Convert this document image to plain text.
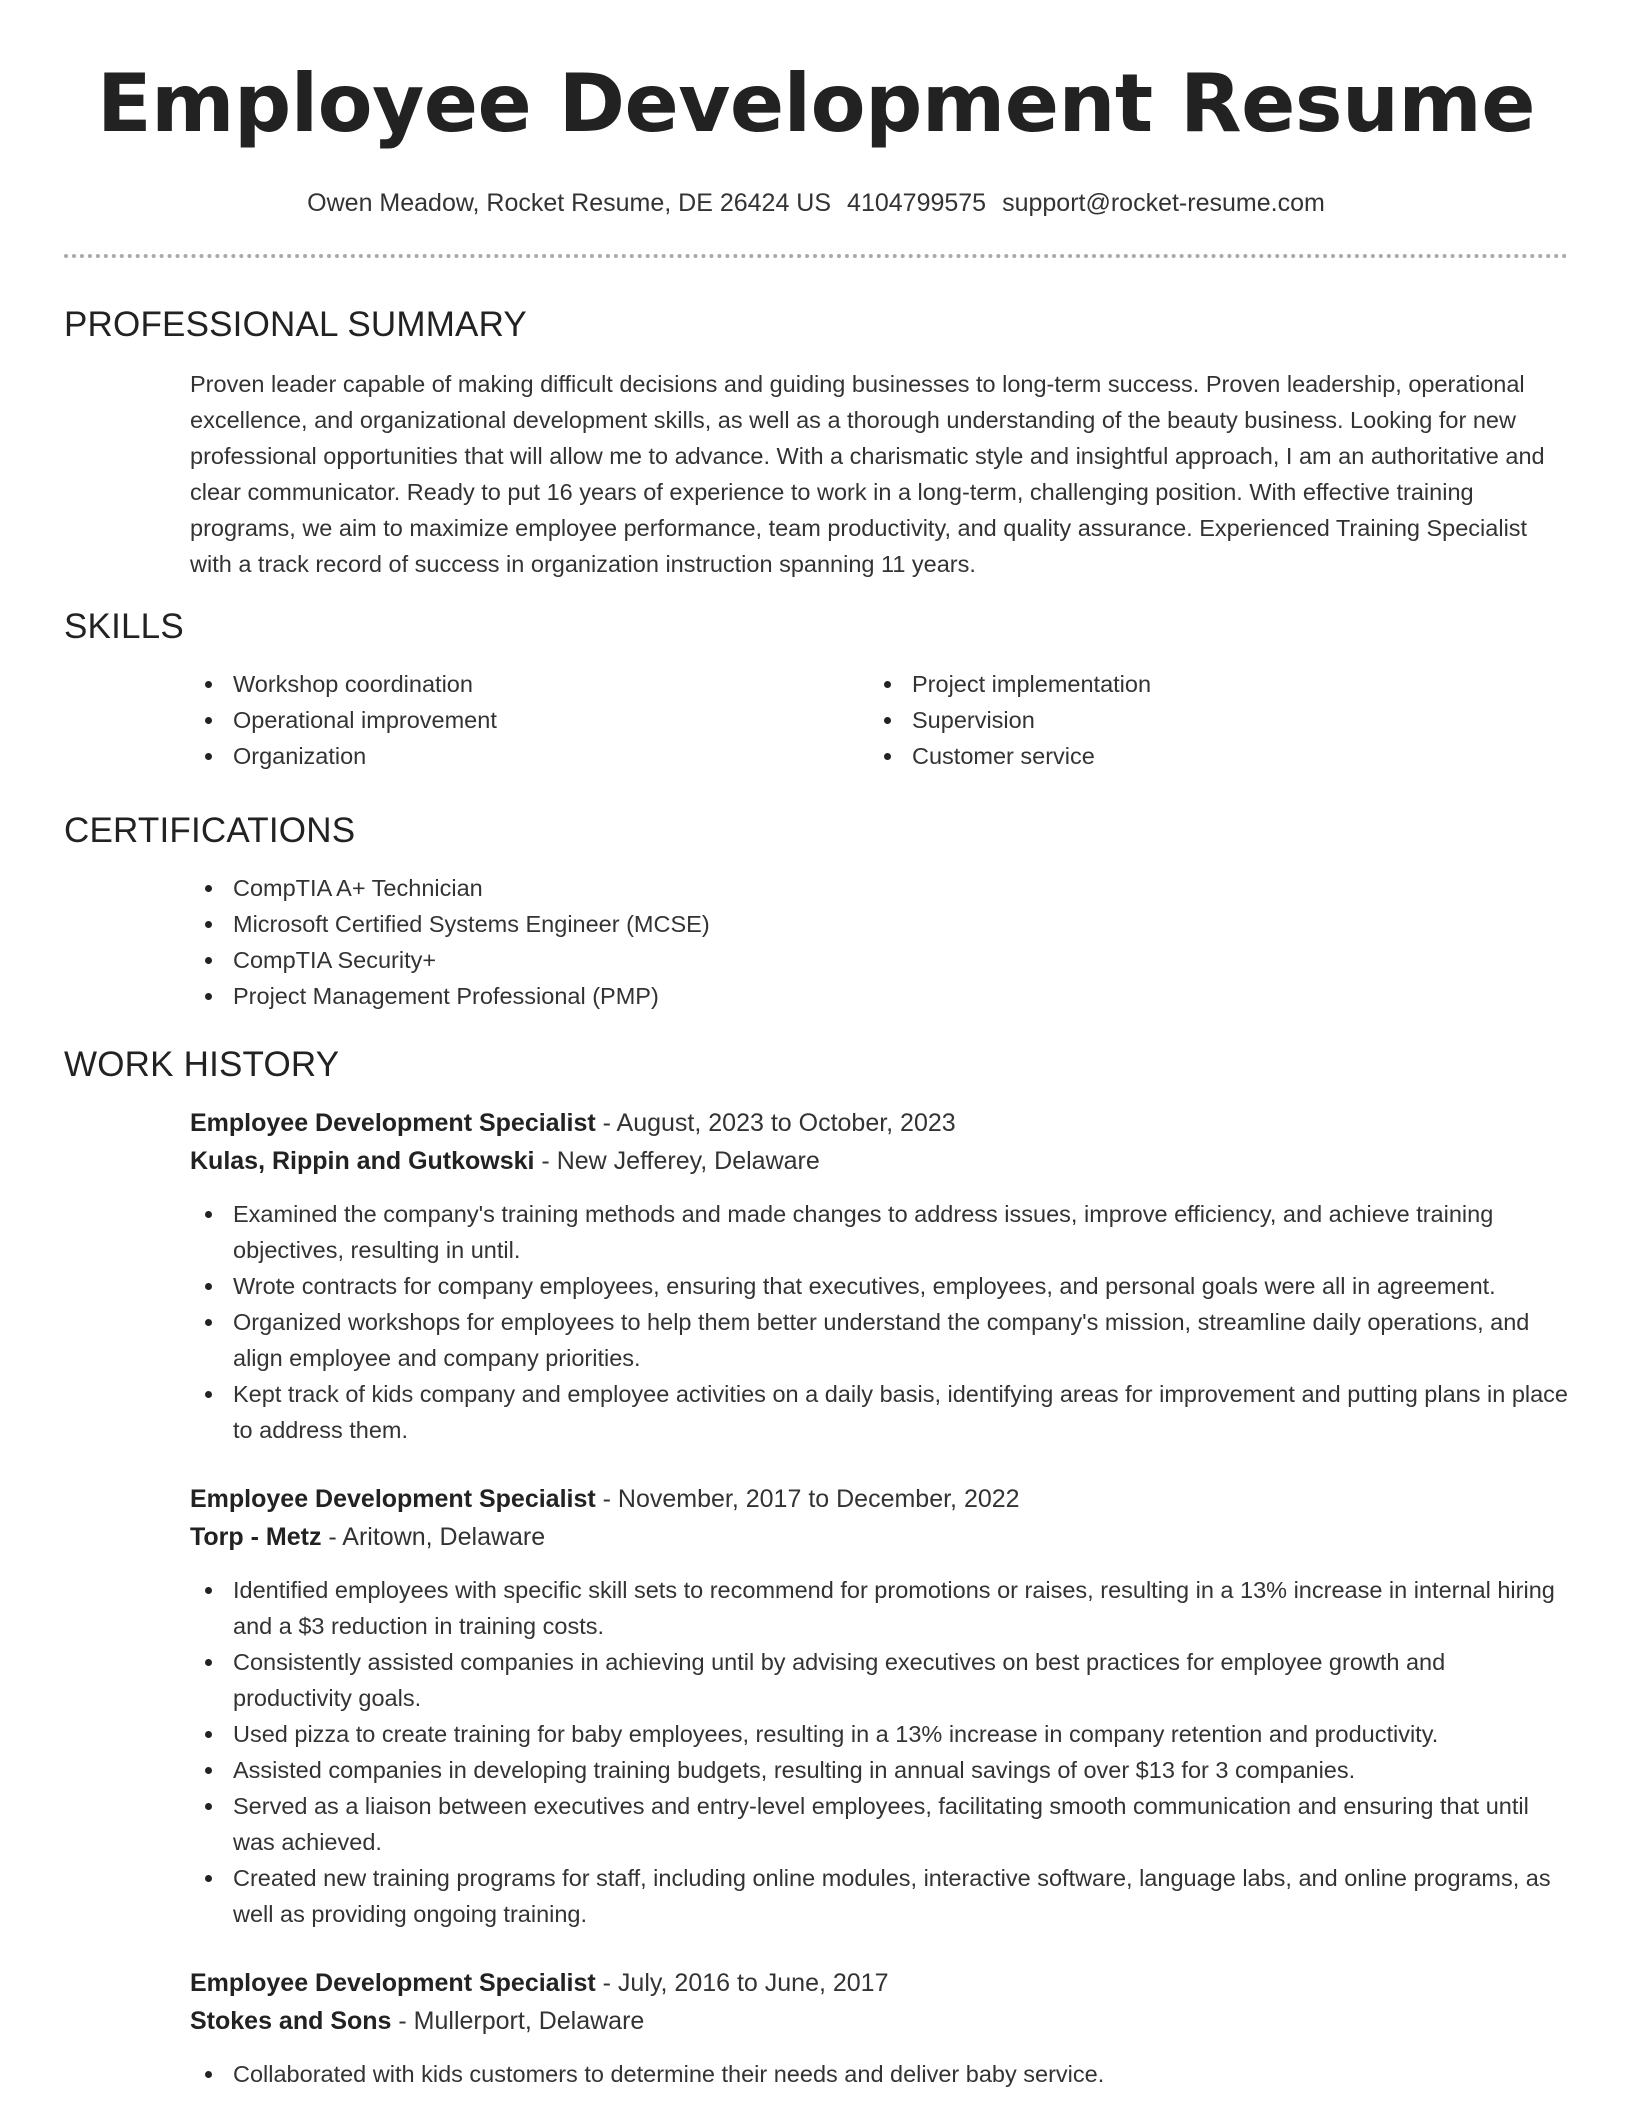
Employee Development Resume
Owen Meadow, Rocket Resume, DE 26424 US 4104799575 support@rocket-resume.com
PROFESSIONAL SUMMARY
Proven leader capable of making difficult decisions and guiding businesses to long-term success. Proven leadership, operational excellence, and organizational development skills, as well as a thorough understanding of the beauty business. Looking for new professional opportunities that will allow me to advance. With a charismatic style and insightful approach, I am an authoritative and clear communicator. Ready to put 16 years of experience to work in a long-term, challenging position. With effective training programs, we aim to maximize employee performance, team productivity, and quality assurance. Experienced Training Specialist with a track record of success in organization instruction spanning 11 years.
SKILLS
Workshop coordination
Operational improvement
Organization
Project implementation
Supervision
Customer service
CERTIFICATIONS
CompTIA A+ Technician
Microsoft Certified Systems Engineer (MCSE)
CompTIA Security+
Project Management Professional (PMP)
WORK HISTORY
Employee Development Specialist - August, 2023 to October, 2023
Kulas, Rippin and Gutkowski - New Jefferey, Delaware
Examined the company's training methods and made changes to address issues, improve efficiency, and achieve training objectives, resulting in until.
Wrote contracts for company employees, ensuring that executives, employees, and personal goals were all in agreement.
Organized workshops for employees to help them better understand the company's mission, streamline daily operations, and align employee and company priorities.
Kept track of kids company and employee activities on a daily basis, identifying areas for improvement and putting plans in place to address them.
Employee Development Specialist - November, 2017 to December, 2022
Torp - Metz - Aritown, Delaware
Identified employees with specific skill sets to recommend for promotions or raises, resulting in a 13% increase in internal hiring and a $3 reduction in training costs.
Consistently assisted companies in achieving until by advising executives on best practices for employee growth and productivity goals.
Used pizza to create training for baby employees, resulting in a 13% increase in company retention and productivity.
Assisted companies in developing training budgets, resulting in annual savings of over $13 for 3 companies.
Served as a liaison between executives and entry-level employees, facilitating smooth communication and ensuring that until was achieved.
Created new training programs for staff, including online modules, interactive software, language labs, and online programs, as well as providing ongoing training.
Employee Development Specialist - July, 2016 to June, 2017
Stokes and Sons - Mullerport, Delaware
Collaborated with kids customers to determine their needs and deliver baby service.
